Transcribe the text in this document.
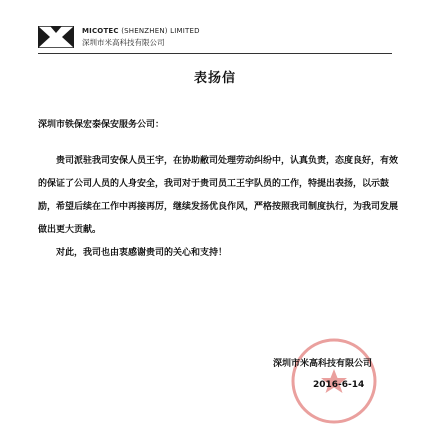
MICOTEC (SHENZHEN) LIMITED
深圳市米高科技有限公司
表扬信
深圳市铁保宏泰保安服务公司：

贵司派驻我司安保人员王宇，在协助敝司处理劳动纠纷中，认真负责，态度良好，有效的保证了公司人员的人身安全，我司对于贵司员工王宇队员的工作，特提出表扬，以示鼓励，希望后续在工作中再接再厉，继续发扬优良作风，严格按照我司制度执行，为我司发展做出更大贡献。

对此，我司也由衷感谢贵司的关心和支持！

深圳市米高科技有限公司
2016-6-14
